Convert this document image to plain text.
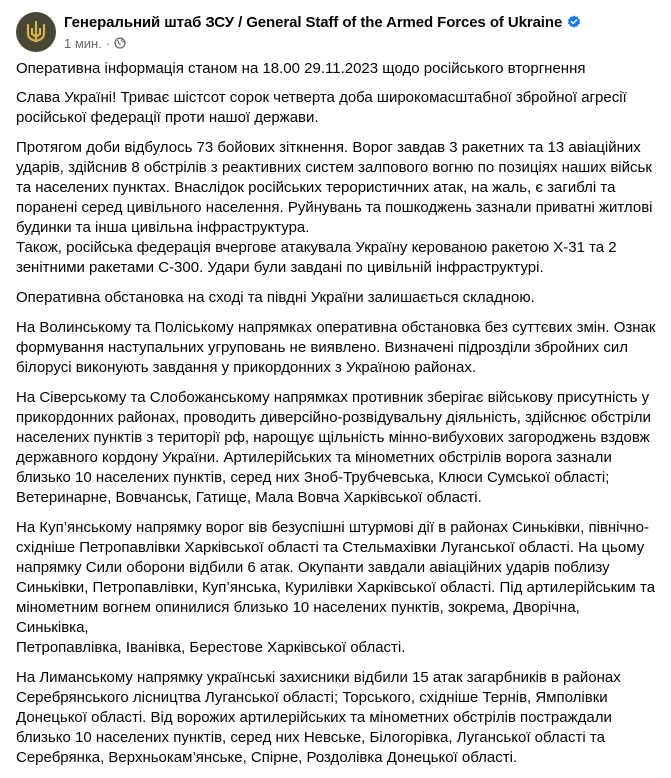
Генеральний штаб ЗСУ / General Staff of the Armed Forces of Ukraine
1 мин. ·

Оперативна інформація станом на 18.00 29.11.2023 щодо російського вторгнення

Слава Україні! Триває шістсот сорок четверта доба широкомасштабної збройної агресії
російської федерації проти нашої держави.

Протягом доби відбулось 73 бойових зіткнення. Ворог завдав 3 ракетних та 13 авіаційних
ударів, здійснив 8 обстрілів з реактивних систем залпового вогню по позиціях наших військ
та населених пунктах. Внаслідок російських терористичних атак, на жаль, є загиблі та
поранені серед цивільного населення. Руйнувань та пошкоджень зазнали приватні житлові
будинки та інша цивільна інфраструктура.
Також, російська федерація вчергове атакувала Україну керованою ракетою Х-31 та 2
зенітними ракетами С-300. Удари були завдані по цивільній інфраструктурі.

Оперативна обстановка на сході та півдні України залишається складною.

На Волинському та Поліському напрямках оперативна обстановка без суттєвих змін. Ознак
формування наступальних угруповань не виявлено. Визначені підрозділи збройних сил
білорусі виконують завдання у прикордонних з Україною районах.

На Сіверському та Слобожанському напрямках противник зберігає військову присутність у
прикордонних районах, проводить диверсійно-розвідувальну діяльність, здійснює обстріли
населених пунктів з території рф, нарощує щільність мінно-вибухових загороджень вздовж
державного кордону України. Артилерійських та мінометних обстрілів ворога зазнали
близько 10 населених пунктів, серед них Зноб-Трубчевська, Клюси Сумської області;
Ветеринарне, Вовчанськ, Гатище, Мала Вовча Харківської області.

На Куп’янському напрямку ворог вів безуспішні штурмові дії в районах Синьківки, північно-
східніше Петропавлівки Харківської області та Стельмахівки Луганської області. На цьому
напрямку Сили оборони відбили 6 атак. Окупанти завдали авіаційних ударів поблизу
Синьківки, Петропавлівки, Куп’янська, Курилівки Харківської області. Під артилерійським та
мінометним вогнем опинилися близько 10 населених пунктів, зокрема, Дворічна, Синьківка,
Петропавлівка, Іванівка, Берестове Харківської області.

На Лиманському напрямку українські захисники відбили 15 атак загарбників в районах
Серебрянського лісництва Луганської області; Торського, східніше Тернів, Ямполівки
Донецької області. Від ворожих артилерійських та мінометних обстрілів постраждали
близько 10 населених пунктів, серед них Невське, Білогорівка, Луганської області та
Серебрянка, Верхньокам’янське, Спірне, Роздолівка Донецької області.
